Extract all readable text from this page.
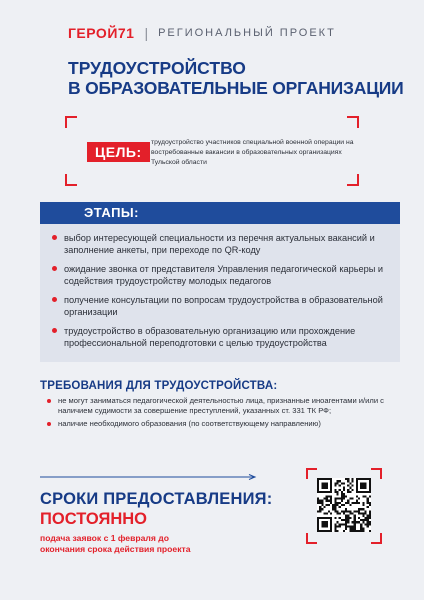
ГЕРОЙ71 | РЕГИОНАЛЬНЫЙ ПРОЕКТ
ТРУДОУСТРОЙСТВО
В ОБРАЗОВАТЕЛЬНЫЕ ОРГАНИЗАЦИИ
ЦЕЛЬ:
трудоустройство участников специальной военной операции на востребованные вакансии в образовательных организациях Тульской области
ЭТАПЫ:
выбор интересующей специальности из перечня актуальных вакансий и заполнение анкеты, при переходе по QR-коду
ожидание звонка от представителя Управления педагогической карьеры и содействия трудоустройству молодых педагогов
получение консультации по вопросам трудоустройства в образовательной организации
трудоустройство в образовательную организацию или прохождение профессиональной переподготовки с целью трудоустройства
ТРЕБОВАНИЯ ДЛЯ ТРУДОУСТРОЙСТВА:
не могут заниматься педагогической деятельностью лица, признанные иноагентами и/или с наличием судимости за совершение преступлений, указанных ст. 331 ТК РФ;
наличие необходимого образования (по соответствующему направлению)
СРОКИ ПРЕДОСТАВЛЕНИЯ:
ПОСТОЯННО
подача заявок с 1 февраля до окончания срока действия проекта
